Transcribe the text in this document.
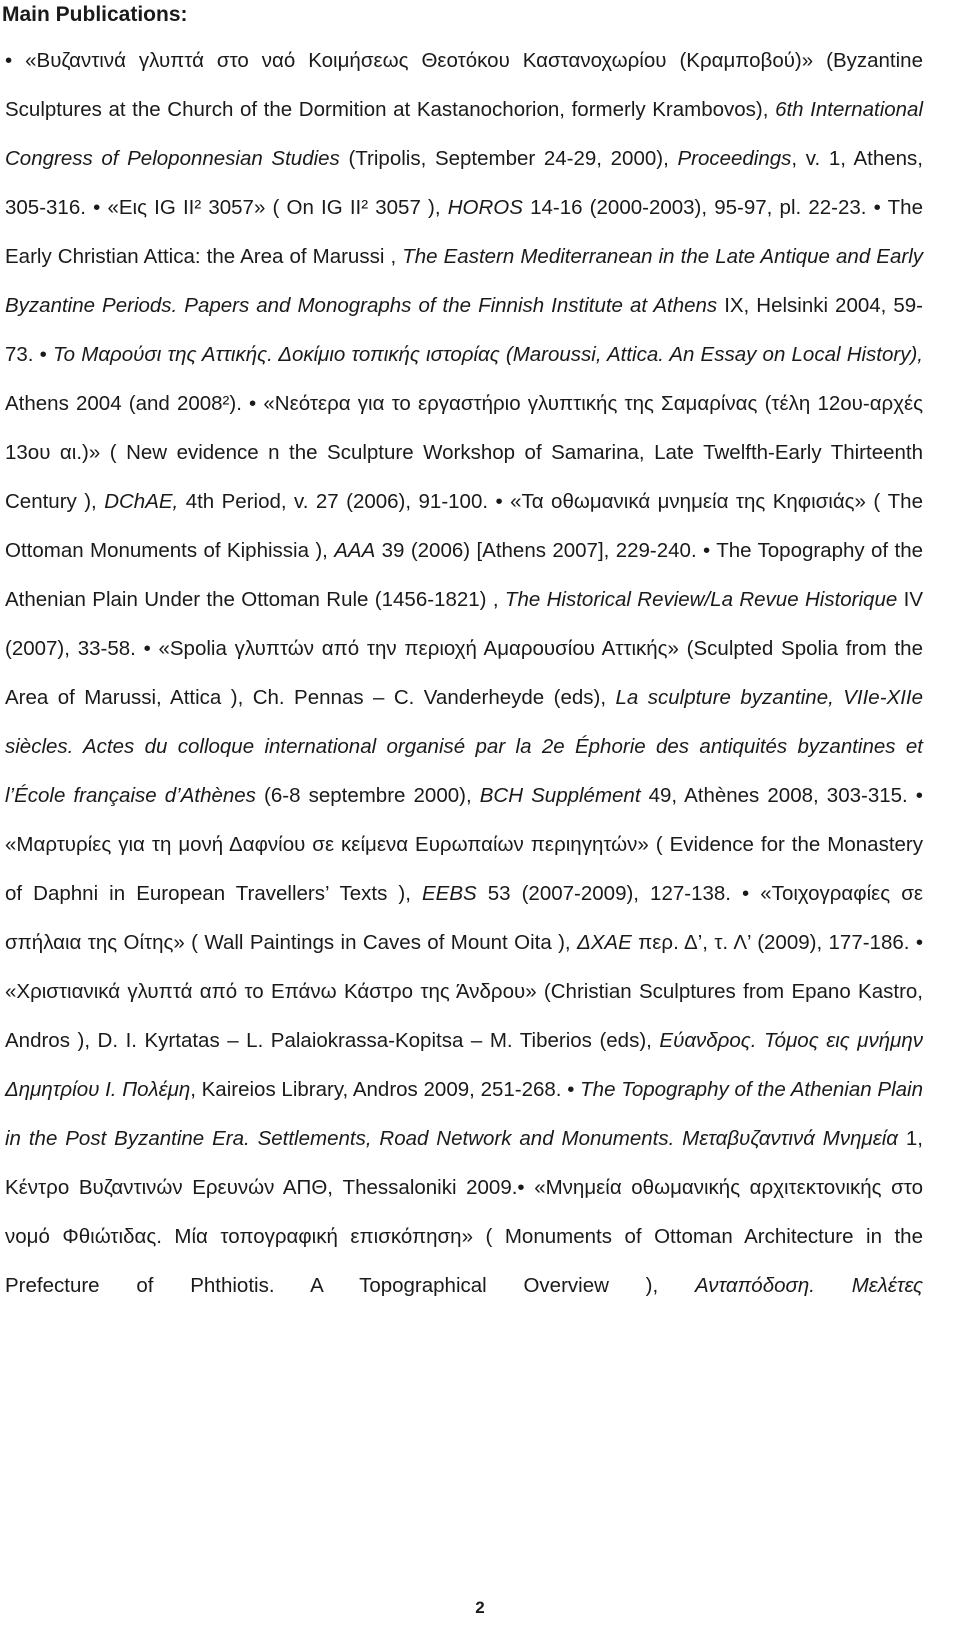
Main Publications:

• «Βυζαντινά γλυπτά στο ναό Κοιμήσεως Θεοτόκου Καστανοχωρίου (Κραμποβού)» (Byzantine Sculptures at the Church of the Dormition at Kastanochorion, formerly Krambovos), 6th International Congress of Peloponnesian Studies (Tripolis, September 24-29, 2000), Proceedings, v. 1, Athens, 305-316. • «Εις IG II² 3057» ( On IG II² 3057 ), HOROS 14-16 (2000-2003), 95-97, pl. 22-23. • The Early Christian Attica: the Area of Marussi , The Eastern Mediterranean in the Late Antique and Early Byzantine Periods. Papers and Monographs of the Finnish Institute at Athens IX, Helsinki 2004, 59-73. • Το Μαρούσι της Αττικής. Δοκίμιο τοπικής ιστορίας (Maroussi, Attica. An Essay on Local History), Athens 2004 (and 2008²). • «Νεότερα για το εργαστήριο γλυπτικής της Σαμαρίνας (τέλη 12ου-αρχές 13ου αι.)» ( New evidence n the Sculpture Workshop of Samarina, Late Twelfth-Early Thirteenth Century ), DChAE, 4th Period, v. 27 (2006), 91-100. • «Τα οθωμανικά μνημεία της Κηφισιάς» ( The Ottoman Monuments of Kiphissia ), AAA 39 (2006) [Athens 2007], 229-240. • The Topography of the Athenian Plain Under the Ottoman Rule (1456-1821) , The Historical Review/La Revue Historique IV (2007), 33-58. • «Spolia γλυπτών από την περιοχή Αμαρουσίου Αττικής» (Sculpted Spolia from the Area of Marussi, Attica ), Ch. Pennas – C. Vanderheyde (eds), La sculpture byzantine, VIIe-XIIe siècles. Actes du colloque international organisé par la 2e Éphorie des antiquités byzantines et l’École française d’Athènes (6-8 septembre 2000), BCH Supplément 49, Athènes 2008, 303-315. • «Μαρτυρίες για τη μονή Δαφνίου σε κείμενα Ευρωπαίων περιηγητών» ( Evidence for the Monastery of Daphni in European Travellers’ Texts ), EEBS 53 (2007-2009), 127-138. • «Τοιχογραφίες σε σπήλαια της Οίτης» ( Wall Paintings in Caves of Mount Oita ), ΔΧΑΕ περ. Δ’, τ. Λ’ (2009), 177-186. • «Χριστιανικά γλυπτά από το Επάνω Κάστρο της Άνδρου» (Christian Sculptures from Epano Kastro, Andros ), D. I. Kyrtatas – L. Palaiokrassa-Kopitsa – M. Tiberios (eds), Εύανδρος. Τόμος εις μνήμην Δημητρίου Ι. Πολέμη, Kaireios Library, Andros 2009, 251-268. • The Topography of the Athenian Plain in the Post Byzantine Era. Settlements, Road Network and Monuments. Μεταβυζαντινά Μνημεία 1, Κέντρο Βυζαντινών Ερευνών ΑΠΘ, Thessaloniki 2009.• «Μνημεία οθωμανικής αρχιτεκτονικής στο νομό Φθιώτιδας. Μία τοπογραφική επισκόπηση» ( Monuments of Ottoman Architecture in the Prefecture of Phthiotis. A Topographical Overview ), Ανταπόδοση. Μελέτες

2
